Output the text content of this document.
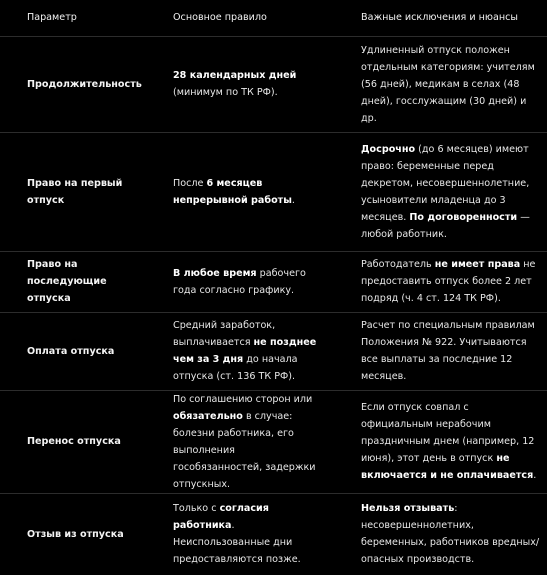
Параметр	Основное правило	Важные исключения и нюансы
Продолжительность	28 календарных дней (минимум по ТК РФ).	Удлиненный отпуск положен отдельным категориям: учителям (56 дней), медикам в селах (48 дней), госслужащим (30 дней) и др.
Право на первый отпуск	После 6 месяцев непрерывной работы.	Досрочно (до 6 месяцев) имеют право: беременные перед декретом, несовершеннолетние, усыновители младенца до 3 месяцев. По договоренности — любой работник.
Право на последующие отпуска	В любое время рабочего года согласно графику.	Работодатель не имеет права не предоставить отпуск более 2 лет подряд (ч. 4 ст. 124 ТК РФ).
Оплата отпуска	Средний заработок, выплачивается не позднее чем за 3 дня до начала отпуска (ст. 136 ТК РФ).	Расчет по специальным правилам Положения № 922. Учитываются все выплаты за последние 12 месяцев.
Перенос отпуска	По соглашению сторон или обязательно в случае: болезни работника, его выполнения гособязанностей, задержки отпускных.	Если отпуск совпал с официальным нерабочим праздничным днем (например, 12 июня), этот день в отпуск не включается и не оплачивается.
Отзыв из отпуска	Только с согласия работника. Неиспользованные дни предоставляются позже.	Нельзя отзывать: несовершеннолетних, беременных, работников вредных/опасных производств.
